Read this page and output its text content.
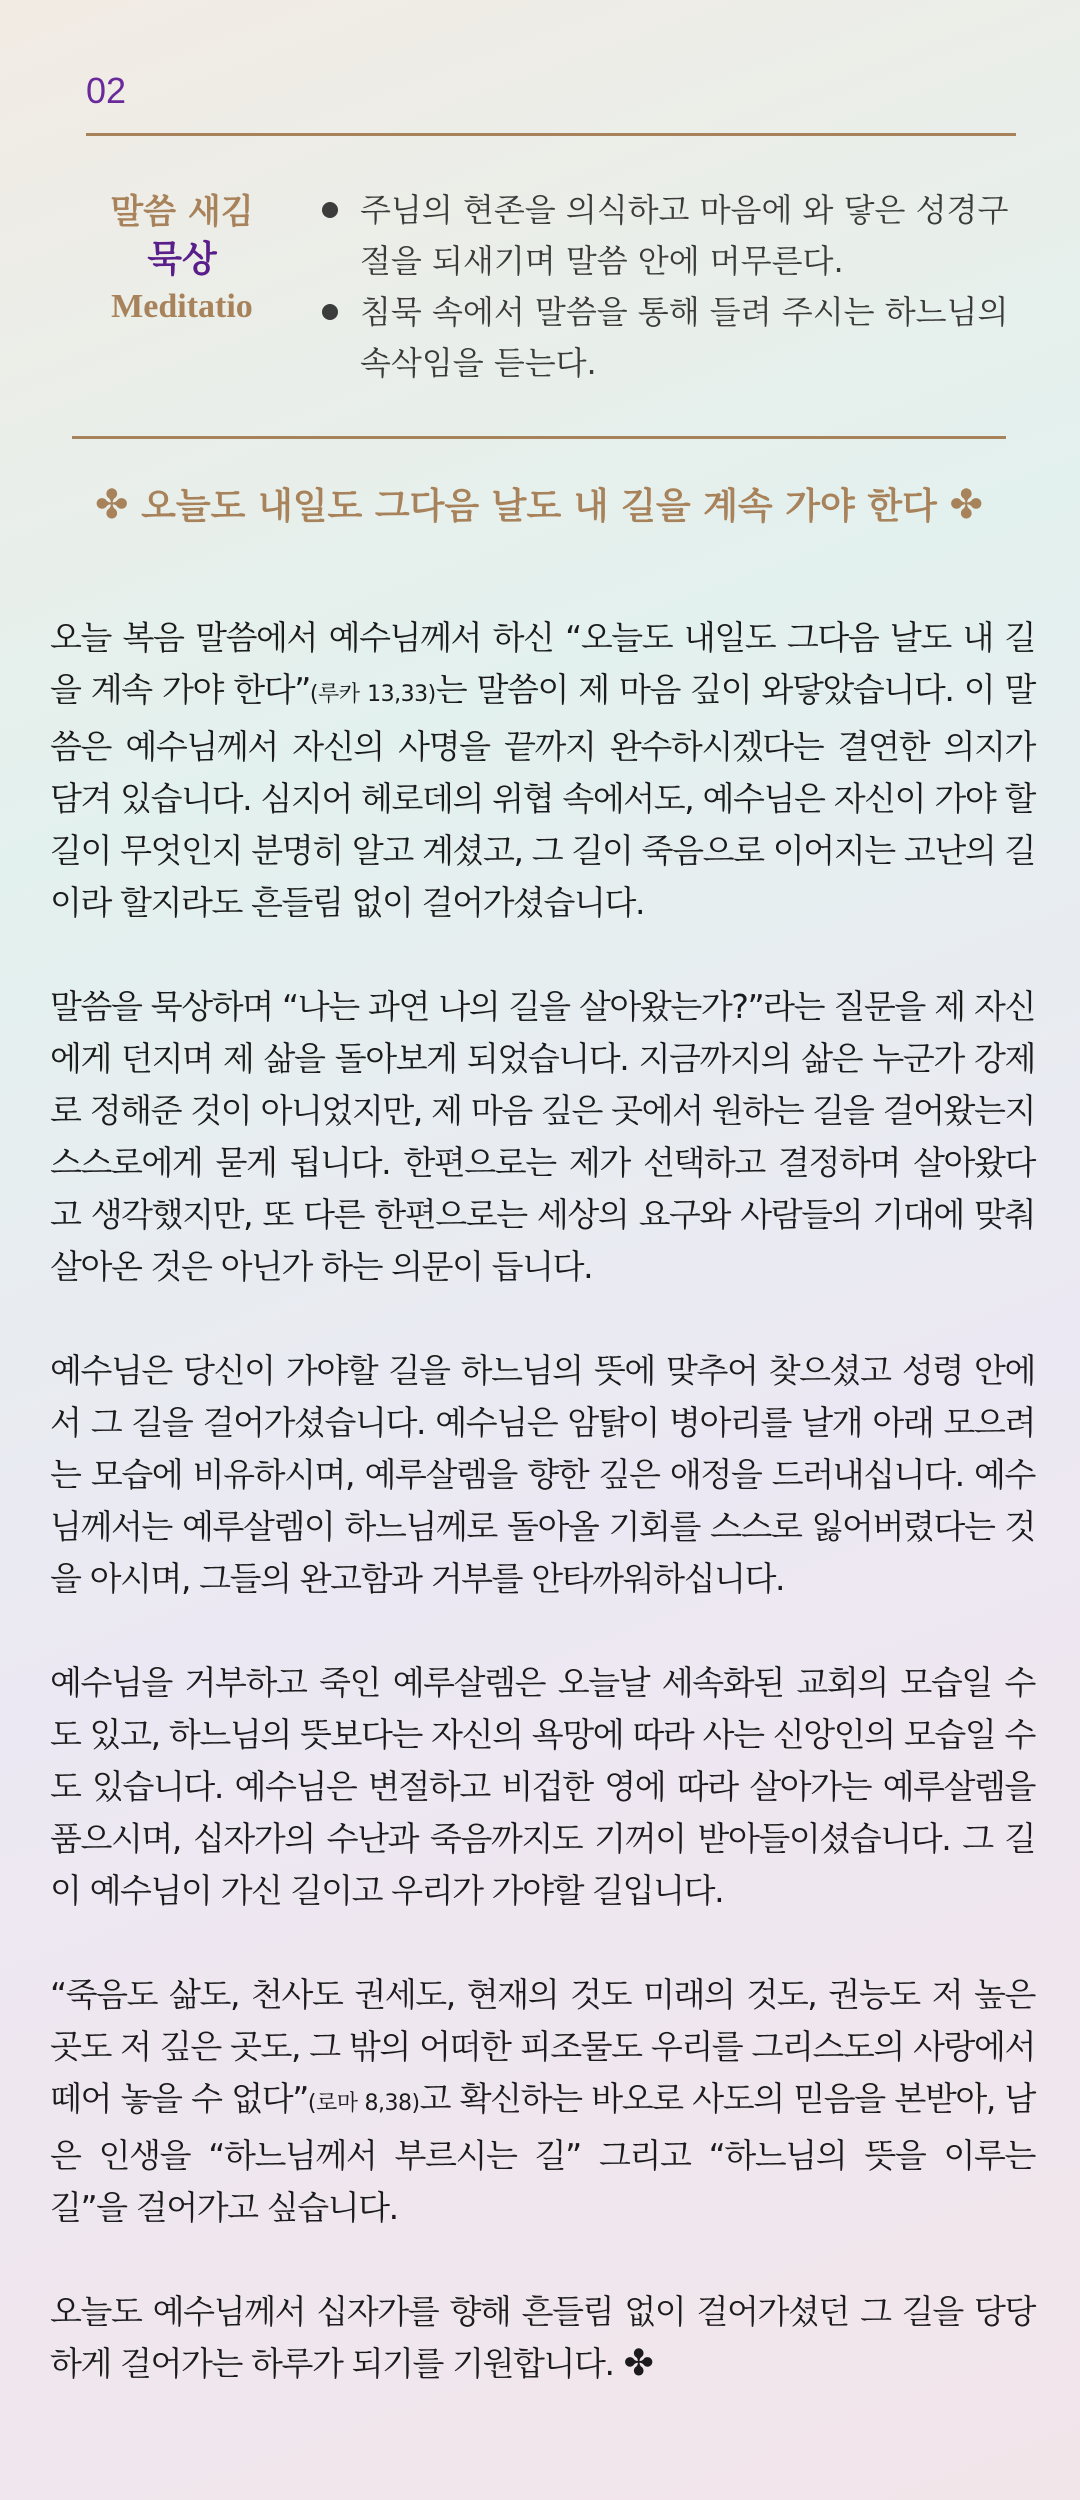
02
말씀 새김
묵상
Meditatio
주님의 현존을 의식하고 마음에 와 닿은 성경구절을 되새기며 말씀 안에 머무른다.
침묵 속에서 말씀을 통해 들려 주시는 하느님의 속삭임을 듣는다.
✤ 오늘도 내일도 그다음 날도 내 길을 계속 가야 한다 ✤

오늘 복음 말씀에서 예수님께서 하신 “오늘도 내일도 그다음 날도 내 길을 계속 가야 한다”(루카 13,33)는 말씀이 제 마음 깊이 와닿았습니다. 이 말씀은 예수님께서 자신의 사명을 끝까지 완수하시겠다는 결연한 의지가 담겨 있습니다. 심지어 헤로데의 위협 속에서도, 예수님은 자신이 가야 할 길이 무엇인지 분명히 알고 계셨고, 그 길이 죽음으로 이어지는 고난의 길이라 할지라도 흔들림 없이 걸어가셨습니다.

말씀을 묵상하며 “나는 과연 나의 길을 살아왔는가?”라는 질문을 제 자신에게 던지며 제 삶을 돌아보게 되었습니다. 지금까지의 삶은 누군가 강제로 정해준 것이 아니었지만, 제 마음 깊은 곳에서 원하는 길을 걸어왔는지 스스로에게 묻게 됩니다. 한편으로는 제가 선택하고 결정하며 살아왔다고 생각했지만, 또 다른 한편으로는 세상의 요구와 사람들의 기대에 맞춰 살아온 것은 아닌가 하는 의문이 듭니다.

예수님은 당신이 가야할 길을 하느님의 뜻에 맞추어 찾으셨고 성령 안에서 그 길을 걸어가셨습니다. 예수님은 암탉이 병아리를 날개 아래 모으려는 모습에 비유하시며, 예루살렘을 향한 깊은 애정을 드러내십니다. 예수님께서는 예루살렘이 하느님께로 돌아올 기회를 스스로 잃어버렸다는 것을 아시며, 그들의 완고함과 거부를 안타까워하십니다.

예수님을 거부하고 죽인 예루살렘은 오늘날 세속화된 교회의 모습일 수도 있고, 하느님의 뜻보다는 자신의 욕망에 따라 사는 신앙인의 모습일 수도 있습니다. 예수님은 변절하고 비겁한 영에 따라 살아가는 예루살렘을 품으시며, 십자가의 수난과 죽음까지도 기꺼이 받아들이셨습니다. 그 길이 예수님이 가신 길이고 우리가 가야할 길입니다.

“죽음도 삶도, 천사도 권세도, 현재의 것도 미래의 것도, 권능도 저 높은 곳도 저 깊은 곳도, 그 밖의 어떠한 피조물도 우리를 그리스도의 사랑에서 떼어 놓을 수 없다”(로마 8,38)고 확신하는 바오로 사도의 믿음을 본받아, 남은 인생을 “하느님께서 부르시는 길” 그리고 “하느님의 뜻을 이루는 길”을 걸어가고 싶습니다.

오늘도 예수님께서 십자가를 향해 흔들림 없이 걸어가셨던 그 길을 당당하게 걸어가는 하루가 되기를 기원합니다. ✤
